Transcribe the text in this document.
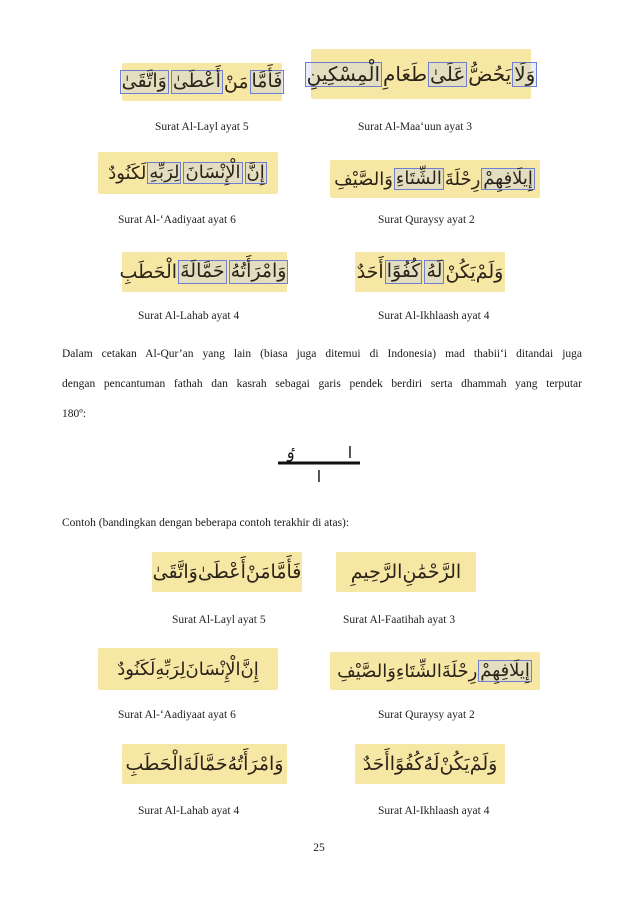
فَأَمَّا
مَنْ
أَعْطَىٰ
وَاتَّقَىٰ	وَلَا
يَحُضُّ
عَلَىٰ
طَعَامِ
الْمِسْكِينِ
إِنَّ
الْإِنْسَانَ
لِرَبِّهِ
لَكَنُودٌ	إِيلَافِهِمْ
رِحْلَةَ
الشِّتَاءِ
وَالصَّيْفِ
وَامْرَأَتُهُ
حَمَّالَةَ
الْحَطَبِ	وَلَمْ
يَكُنْ
لَهُ
كُفُوًا
أَحَدٌ
Surat Al-Layl ayat 5	Surat Al-Maa‘uun ayat 3
Surat Al-‘Aadiyaat ayat 6	Surat Quraysy ayat 2
Surat Al-Lahab ayat 4	Surat Al-Ikhlaash ayat 4
Dalam cetakan Al-Qur’an yang lain (biasa juga ditemui di Indonesia) mad thabii‘i ditandai juga
dengan pencantuman fathah dan kasrah sebagai garis pendek berdiri serta dhammah yang terputar
180º:
ٶ	ا
ا
Contoh (bandingkan dengan beberapa contoh terakhir di atas):
فَأَمَّا
مَنْ
أَعْطَىٰ
وَاتَّقَىٰ	الرَّحْمَٰنِ
الرَّحِيمِ
إِنَّ
الْإِنْسَانَ
لِرَبِّهِ
لَكَنُودٌ	إِيلَافِهِمْ
رِحْلَةَ
الشِّتَاءِ
وَالصَّيْفِ
وَامْرَأَتُهُ
حَمَّالَةَ
الْحَطَبِ	وَلَمْ
يَكُنْ
لَهُ
كُفُوًا
أَحَدٌ
Surat Al-Layl ayat 5	Surat Al-Faatihah ayat 3
Surat Al-‘Aadiyaat ayat 6	Surat Quraysy ayat 2
Surat Al-Lahab ayat 4	Surat Al-Ikhlaash ayat 4
25
